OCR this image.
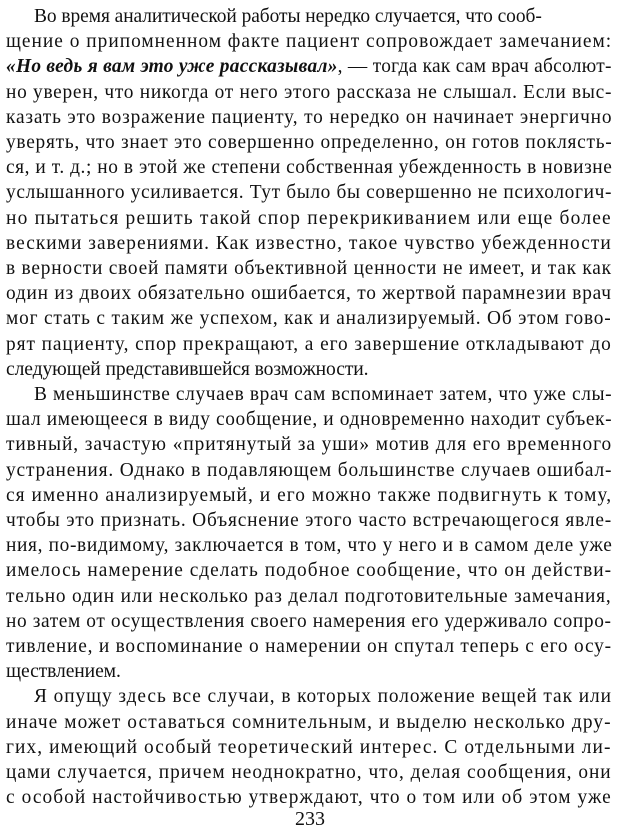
Во время аналитической работы нередко случается, что сооб-
щение о припомненном факте пациент сопровождает замечанием:
«Но ведь я вам это уже рассказывал», — тогда как сам врач абсолют-
но уверен, что никогда от него этого рассказа не слышал. Если выс-
казать это возражение пациенту, то нередко он начинает энергично
уверять, что знает это совершенно определенно, он готов поклясть-
ся, и т. д.; но в этой же степени собственная убежденность в новизне
услышанного усиливается. Тут было бы совершенно не психологич-
но пытаться решить такой спор перекрикиванием или еще более
вескими заверениями. Как известно, такое чувство убежденности
в верности своей памяти объективной ценности не имеет, и так как
один из двоих обязательно ошибается, то жертвой парамнезии врач
мог стать с таким же успехом, как и анализируемый. Об этом гово-
рят пациенту, спор прекращают, а его завершение откладывают до
следующей представившейся возможности.
В меньшинстве случаев врач сам вспоминает затем, что уже слы-
шал имеющееся в виду сообщение, и одновременно находит субъек-
тивный, зачастую «притянутый за уши» мотив для его временного
устранения. Однако в подавляющем большинстве случаев ошибал-
ся именно анализируемый, и его можно также подвигнуть к тому,
чтобы это признать. Объяснение этого часто встречающегося явле-
ния, по-видимому, заключается в том, что у него и в самом деле уже
имелось намерение сделать подобное сообщение, что он действи-
тельно один или несколько раз делал подготовительные замечания,
но затем от осуществления своего намерения его удерживало сопро-
тивление, и воспоминание о намерении он спутал теперь с его осу-
ществлением.
Я опущу здесь все случаи, в которых положение вещей так или
иначе может оставаться сомнительным, и выделю несколько дру-
гих, имеющий особый теоретический интерес. С отдельными ли-
цами случается, причем неоднократно, что, делая сообщения, они
с особой настойчивостью утверждают, что о том или об этом уже
233
